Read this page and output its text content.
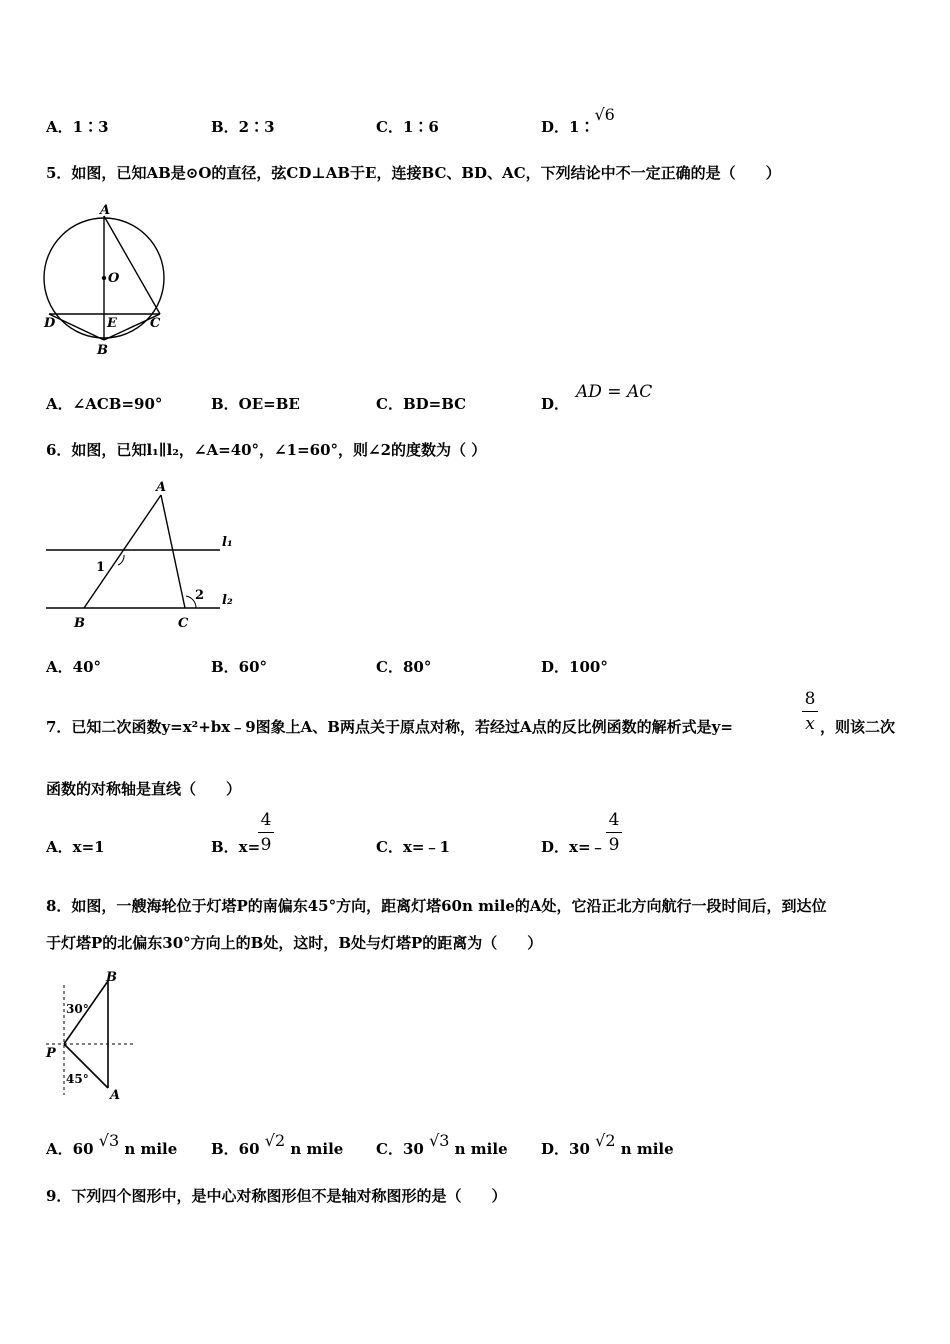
A．1∶3	B．2∶3	C．1∶6	D．1∶√6
5．如图，已知AB是⊙O的直径，弦CD⊥AB于E，连接BC、BD、AC，下列结论中不一定正确的是（　　）
A
O
D	E	C
B
A．∠ACB=90°	B．OE=BE	C．BD=BC	D．
AD = AC
6．如图，已知l₁∥l₂，∠A=40°，∠1=60°，则∠2的度数为（ ）
A
1
2
l₁
l₂
B	C
A．40°	B．60°	C．80°	D．100°
7．已知二次函数y=x²+bx﹣9图象上A、B两点关于原点对称，若经过A点的反比例函数的解析式是y=
8
x ，则该二次
函数的对称轴是直线（　　）
A．x=1	B．x=
4
9	C．x=﹣1	D．x=﹣
4
9
8．如图，一艘海轮位于灯塔P的南偏东45°方向，距离灯塔60n mile的A处，它沿正北方向航行一段时间后，到达位
于灯塔P的北偏东30°方向上的B处，这时，B处与灯塔P的距离为（　　）
B
30°
P
45°
A
A．60 √3 n mile B．60 √2 n mile C．30 √3 n mile D．30 √2 n mile
9．下列四个图形中，是中心对称图形但不是轴对称图形的是（　　）
